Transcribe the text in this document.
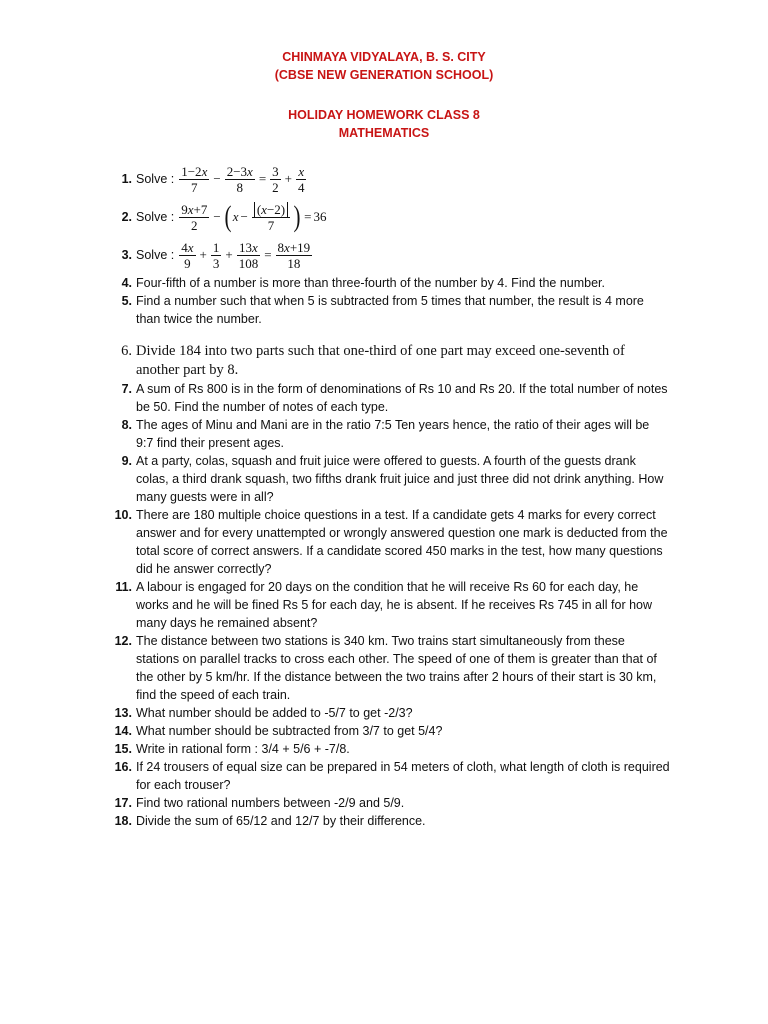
CHINMAYA VIDYALAYA, B. S. CITY
(CBSE NEW GENERATION SCHOOL)
HOLIDAY HOMEWORK CLASS 8
MATHEMATICS
1. Solve :
1−2x
7
− $\frac{2-3x}{8} = \frac{3}{2} + \frac{x}{4}$
2. Solve :
9x+7
2
− ( $x - \frac{(x-2)}{7}$ ) = 36
3. Solve :
4x
9
+ $\frac{1}{3} + \frac{13x}{108} = \frac{8x+19}{18}$
4. Four-fifth of a number is more than three-fourth of the number by 4. Find the number.
5. Find a number such that when 5 is subtracted from 5 times that number, the result is 4 more than twice the number.
6. Divide 184 into two parts such that one-third of one part may exceed one-seventh of another part by 8.
7. A sum of Rs 800 is in the form of denominations of Rs 10 and Rs 20. If the total number of notes be 50. Find the number of notes of each type.
8. The ages of Minu and Mani are in the ratio 7:5 Ten years hence, the ratio of their ages will be 9:7 find their present ages.
9. At a party, colas, squash and fruit juice were offered to guests. A fourth of the guests drank colas, a third drank squash, two fifths drank fruit juice and just three did not drink anything. How many guests were in all?
10. There are 180 multiple choice questions in a test. If a candidate gets 4 marks for every correct answer and for every unattempted or wrongly answered question one mark is deducted from the total score of correct answers. If a candidate scored 450 marks in the test, how many questions did he answer correctly?
11. A labour is engaged for 20 days on the condition that he will receive Rs 60 for each day, he works and he will be fined Rs 5 for each day, he is absent. If he receives Rs 745 in all for how many days he remained absent?
12. The distance between two stations is 340 km. Two trains start simultaneously from these stations on parallel tracks to cross each other. The speed of one of them is greater than that of the other by 5 km/hr. If the distance between the two trains after 2 hours of their start is 30 km, find the speed of each train.
13. What number should be added to -5/7 to get -2/3?
14. What number should be subtracted from 3/7 to get 5/4?
15. Write in rational form : 3/4 + 5/6 + -7/8.
16. If 24 trousers of equal size can be prepared in 54 meters of cloth, what length of cloth is required for each trouser?
17. Find two rational numbers between -2/9 and 5/9.
18. Divide the sum of 65/12 and 12/7 by their difference.
